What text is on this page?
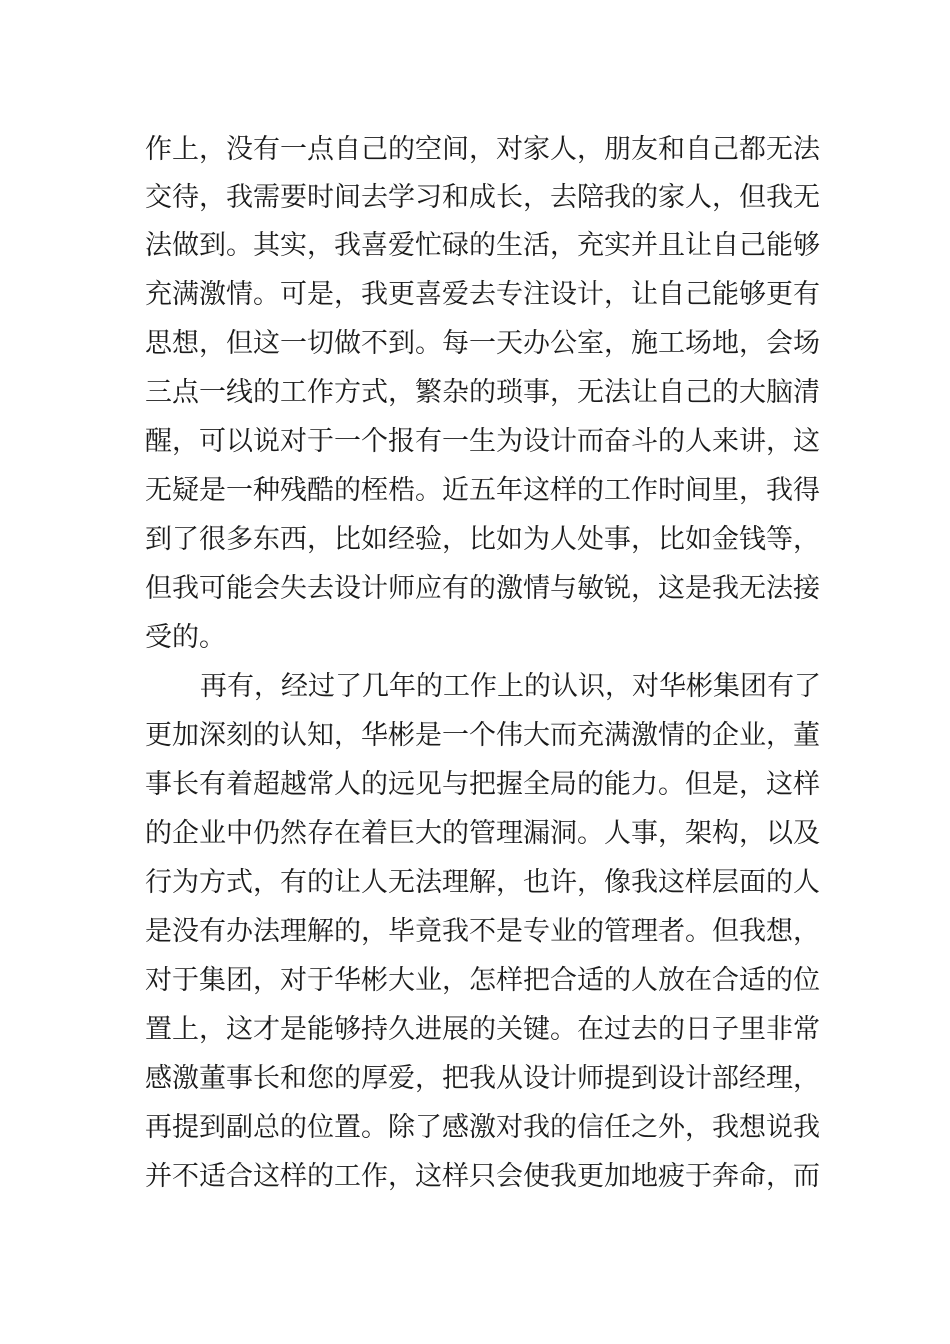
作上，没有一点自己的空间，对家人，朋友和自己都无法
交待，我需要时间去学习和成长，去陪我的家人，但我无
法做到。其实，我喜爱忙碌的生活，充实并且让自己能够
充满激情。可是，我更喜爱去专注设计，让自己能够更有
思想，但这一切做不到。每一天办公室，施工场地，会场
三点一线的工作方式，繁杂的琐事，无法让自己的大脑清
醒，可以说对于一个报有一生为设计而奋斗的人来讲，这
无疑是一种残酷的桎梏。近五年这样的工作时间里，我得
到了很多东西，比如经验，比如为人处事，比如金钱等，
但我可能会失去设计师应有的激情与敏锐，这是我无法接
受的。
再有，经过了几年的工作上的认识，对华彬集团有了
更加深刻的认知，华彬是一个伟大而充满激情的企业，董
事长有着超越常人的远见与把握全局的能力。但是，这样
的企业中仍然存在着巨大的管理漏洞。人事，架构，以及
行为方式，有的让人无法理解，也许，像我这样层面的人
是没有办法理解的，毕竟我不是专业的管理者。但我想，
对于集团，对于华彬大业，怎样把合适的人放在合适的位
置上，这才是能够持久进展的关键。在过去的日子里非常
感激董事长和您的厚爱，把我从设计师提到设计部经理，
再提到副总的位置。除了感激对我的信任之外，我想说我
并不适合这样的工作，这样只会使我更加地疲于奔命，而
